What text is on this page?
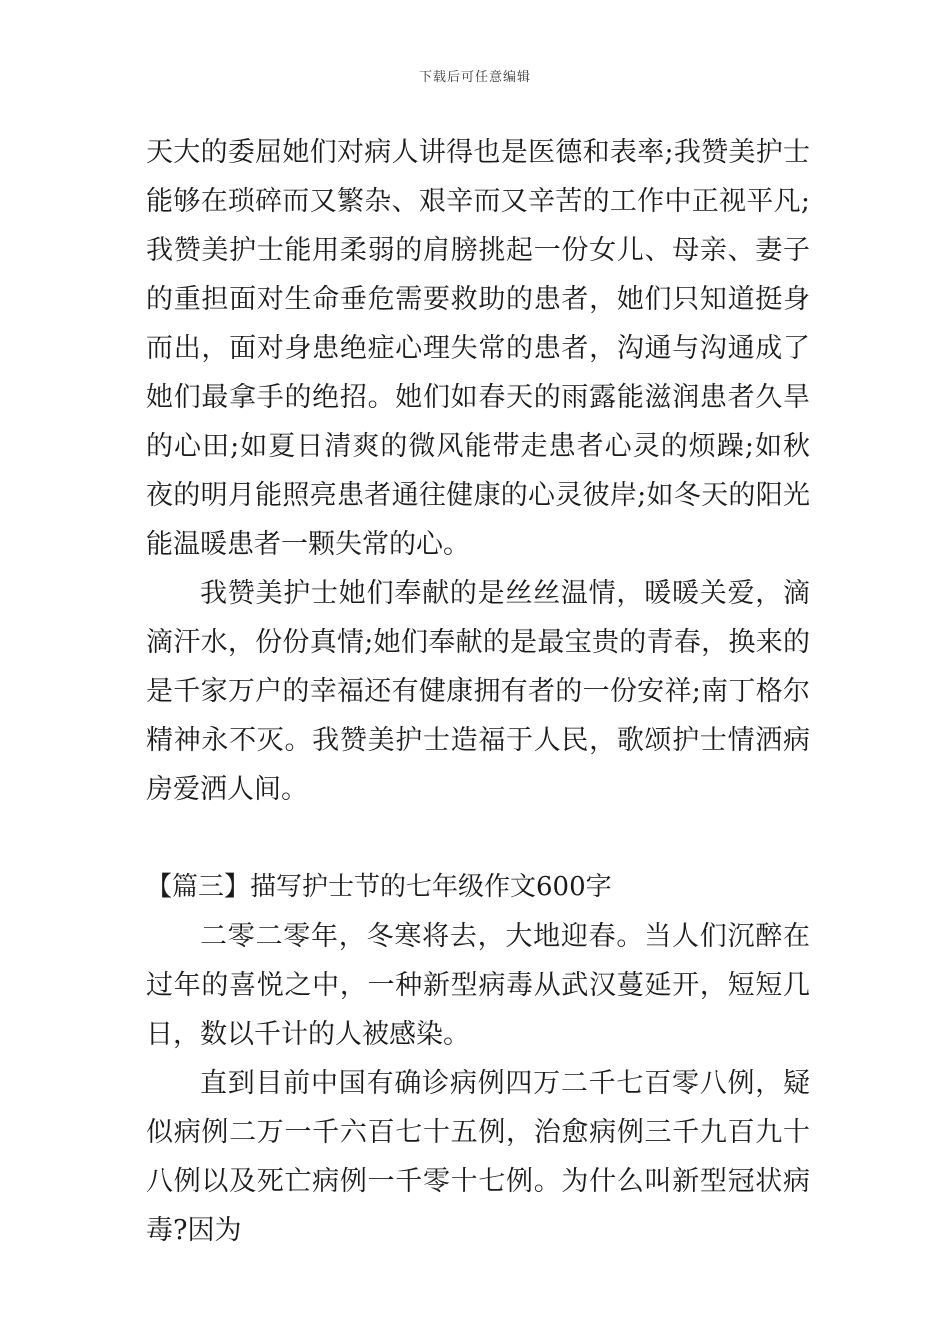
下载后可任意编辑

天大的委屈她们对病人讲得也是医德和表率;我赞美护士能够在琐碎而又繁杂、艰辛而又辛苦的工作中正视平凡;我赞美护士能用柔弱的肩膀挑起一份女儿、母亲、妻子的重担面对生命垂危需要救助的患者，她们只知道挺身而出，面对身患绝症心理失常的患者，沟通与沟通成了她们最拿手的绝招。她们如春天的雨露能滋润患者久旱的心田;如夏日清爽的微风能带走患者心灵的烦躁;如秋夜的明月能照亮患者通往健康的心灵彼岸;如冬天的阳光能温暖患者一颗失常的心。

我赞美护士她们奉献的是丝丝温情，暖暖关爱，滴滴汗水，份份真情;她们奉献的是最宝贵的青春，换来的是千家万户的幸福还有健康拥有者的一份安祥;南丁格尔精神永不灭。我赞美护士造福于人民，歌颂护士情洒病房爱洒人间。

【篇三】描写护士节的七年级作文600字

二零二零年，冬寒将去，大地迎春。当人们沉醉在过年的喜悦之中，一种新型病毒从武汉蔓延开，短短几日，数以千计的人被感染。

直到目前中国有确诊病例四万二千七百零八例，疑似病例二万一千六百七十五例，治愈病例三千九百九十八例以及死亡病例一千零十七例。为什么叫新型冠状病毒?因为
